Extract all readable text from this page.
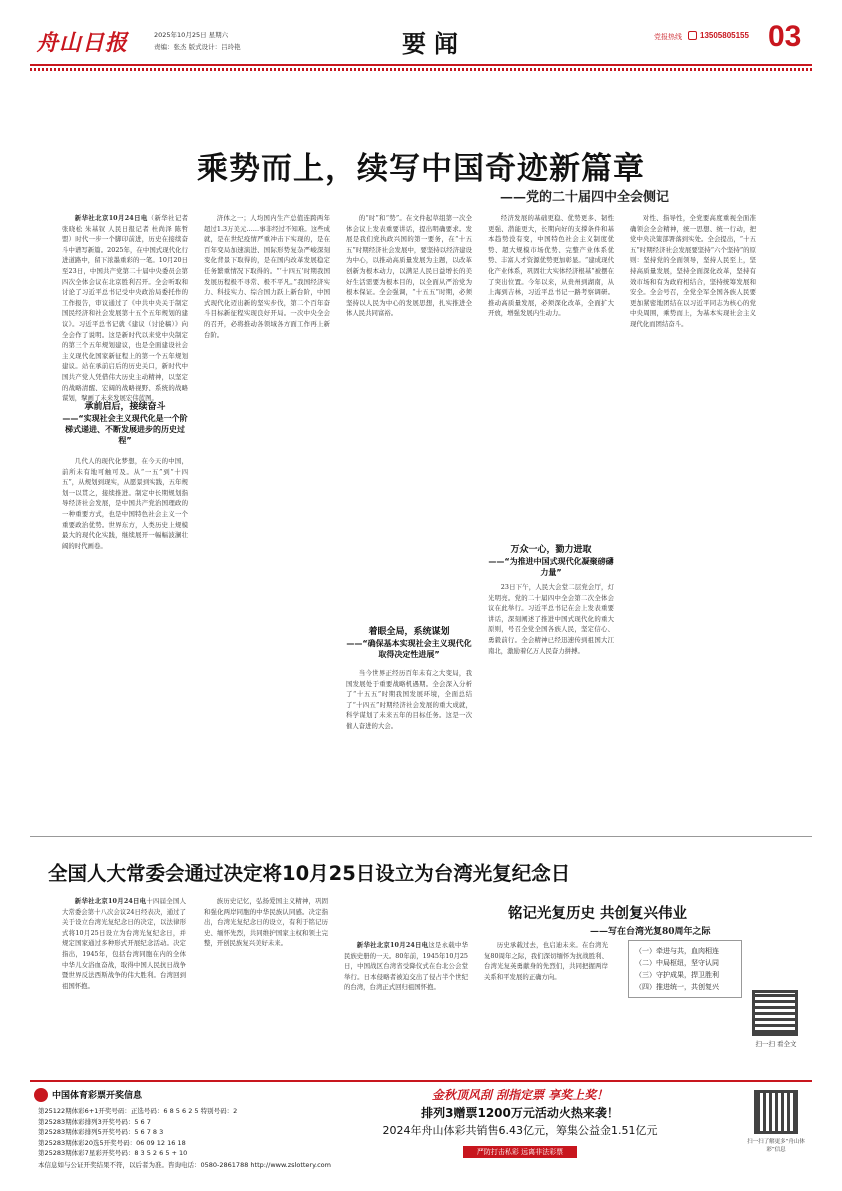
舟山日报	2025年10月25日 星期六
责编：张杰 版式设计：吕玲艳	要闻	党报热线 13505805155 03
乘势而上，续写中国奇迹新篇章
——党的二十届四中全会侧记

新华社北京10月24日电（新华社记者张晓松 朱基钗 人民日报记者 杜尚泽 陈哲盟）时代一步一个脚印前进，历史在接续奋斗中谱写新篇。2025年，在中国式现代化行进道路中，留下浓墨重彩的一笔。10月20日至23日，中国共产党第二十届中央委员会第四次全体会议在北京胜利召开。全会听取和讨论了习近平总书记受中央政治局委托作的工作报告，审议通过了《中共中央关于制定国民经济和社会发展第十五个五年规划的建议》。习近平总书记就《建议（讨论稿）》向全会作了说明。这是新时代以来党中央制定的第三个五年规划建议，也是全面建设社会主义现代化国家新征程上的第一个五年规划建议。站在承前启后的历史关口，新时代中国共产党人凭借伟大历史主动精神，以坚定的战略清醒、宏阔的战略视野、系统的战略谋划，擘画了未来发展宏伟蓝图。

承前启后，接续奋斗
——“实现社会主义现代化是一个阶梯式递进、不断发展进步的历史过程”

几代人的现代化梦想，在今天的中国，前所未有地可触可及。从“一五”到“十四五”，从规划到现实，从愿景到实践，五年规划一以贯之，接续推进。制定中长期规划指导经济社会发展，是中国共产党治国理政的一种重要方式，也是中国特色社会主义一个重要政治优势。世界东方，人类历史上规模最大的现代化实践，继续展开一幅幅波澜壮阔的时代画卷。

济体之一；人均国内生产总值连跨两年超过1.3万美元……事非经过不知难。这些成就，是在世纪疫情严重冲击下实现的，是在百年变局加速演进、国际形势复杂严峻深刻变化背景下取得的，是在国内改革发展稳定任务繁重情况下取得的。“‘十四五’时期我国发展历程极不寻常、极不平凡。”我国经济实力、科技实力、综合国力跃上新台阶，中国式现代化迈出新的坚实步伐，第二个百年奋斗目标新征程实现良好开局。一次中央全会的召开，必将推动各领域各方面工作再上新台阶。

的“时”和“势”。在文件起草组第一次全体会议上发表重要讲话，提出明确要求。发展是我们党执政兴国的第一要务，在“十五五”时期经济社会发展中，要坚持以经济建设为中心，以推动高质量发展为主题，以改革创新为根本动力，以满足人民日益增长的美好生活需要为根本目的，以全面从严治党为根本保证。全会强调，“十五五”时期，必须坚持以人民为中心的发展思想，扎实推进全体人民共同富裕。

着眼全局，系统谋划
——“确保基本实现社会主义现代化取得决定性进展”

当今世界正经历百年未有之大变局，我国发展处于重要战略机遇期。全会深入分析了“十五五”时期我国发展环境，全面总结了“十四五”时期经济社会发展的重大成就，科学谋划了未来五年的目标任务。这是一次催人奋进的大会。

经济发展的基础更稳、优势更多、韧性更强、潜能更大，长期向好的支撑条件和基本趋势没有变，中国特色社会主义制度优势、超大规模市场优势、完整产业体系优势、丰富人才资源优势更加彰显。“建成现代化产业体系，巩固壮大实体经济根基”被摆在了突出位置。今年以来，从贵州到湖南，从上海到吉林，习近平总书记一路考察调研。推动高质量发展，必须深化改革，全面扩大开放，增强发展内生动力。

万众一心，勠力进取
——“为推进中国式现代化凝聚磅礴力量”

23日下午，人民大会堂二层党会厅，灯光明亮。党的二十届四中全会第二次全体会议在此举行。习近平总书记在会上发表重要讲话，深刻阐述了推进中国式现代化的重大原则，号召全党全国各族人民，坚定信心、勇毅前行。全会精神已经迅速传到祖国大江南北，激励着亿万人民奋力拼搏。

对性、指导性，全党要高度重视全面准确领会全会精神，统一思想、统一行动，把党中央决策部署落到实处。全会提出，“十五五”时期经济社会发展要坚持“六个坚持”的原则：坚持党的全面领导，坚持人民至上，坚持高质量发展，坚持全面深化改革，坚持有效市场和有为政府相结合，坚持统筹发展和安全。全会号召，全党全军全国各族人民要更加紧密地团结在以习近平同志为核心的党中央周围，乘势而上，为基本实现社会主义现代化而团结奋斗。

全国人大常委会通过决定将10月25日设立为台湾光复纪念日

新华社北京10月24日电十四届全国人大常委会第十八次会议24日经表决，通过了关于设立台湾光复纪念日的决定，以法律形式将10月25日设立为台湾光复纪念日，并规定国家通过多种形式开展纪念活动。决定指出，1945年，包括台湾同胞在内的全体中华儿女浴血奋战，取得中国人民抗日战争暨世界反法西斯战争的伟大胜利。台湾回到祖国怀抱。

族历史记忆，弘扬爱国主义精神，巩固和强化两岸同胞的中华民族认同感。决定指出，台湾光复纪念日的设立，有利于铭记历史、缅怀先烈，共同维护国家主权和领土完整，开创民族复兴美好未来。

铭记光复历史 共创复兴伟业
——写在台湾光复80周年之际

新华社北京10月24日电这是永载中华民族史册的一天。80年前，1945年10月25日，中国战区台湾省受降仪式在台北公会堂举行。日本侵略者被迫交出了侵占半个世纪的台湾，台湾正式回归祖国怀抱。

历史承载过去，也启迪未来。在台湾光复80周年之际，我们深切缅怀为抗战胜利、台湾光复英勇献身的先烈们，共同把握两岸关系和平发展的正确方向。

（一）牵进与共，血肉相连
（二）中局枢纽，坚守认同
（三）守护成果，捍卫胜利
（四）推进统一，共创复兴
扫一扫 看全文
中国体育彩票开奖信息
第25122期体彩6+1开奖号码：正选号码：6 8 5 6 2 5 特别号码：2
第25283期体彩排列3开奖号码：5 6 7
第25283期体彩排列5开奖号码：5 6 7 8 3
第25283期体彩20选5开奖号码：06 09 12 16 18
第25283期体彩7星彩开奖号码：8 3 5 2 6 5 + 10
本信息如与公证开奖结果不符，以后者为准。咨询电话：0580-2861788 http://www.zslottery.com
金秋顶风刮 刮指定票 享奖上奖！
排列3赠票1200万元活动火热来袭！
2024年舟山体彩共销售6.43亿元，筹集公益金1.51亿元
严防打击私彩 远离非法彩票
扫一扫了解更多“舟山体彩”信息
